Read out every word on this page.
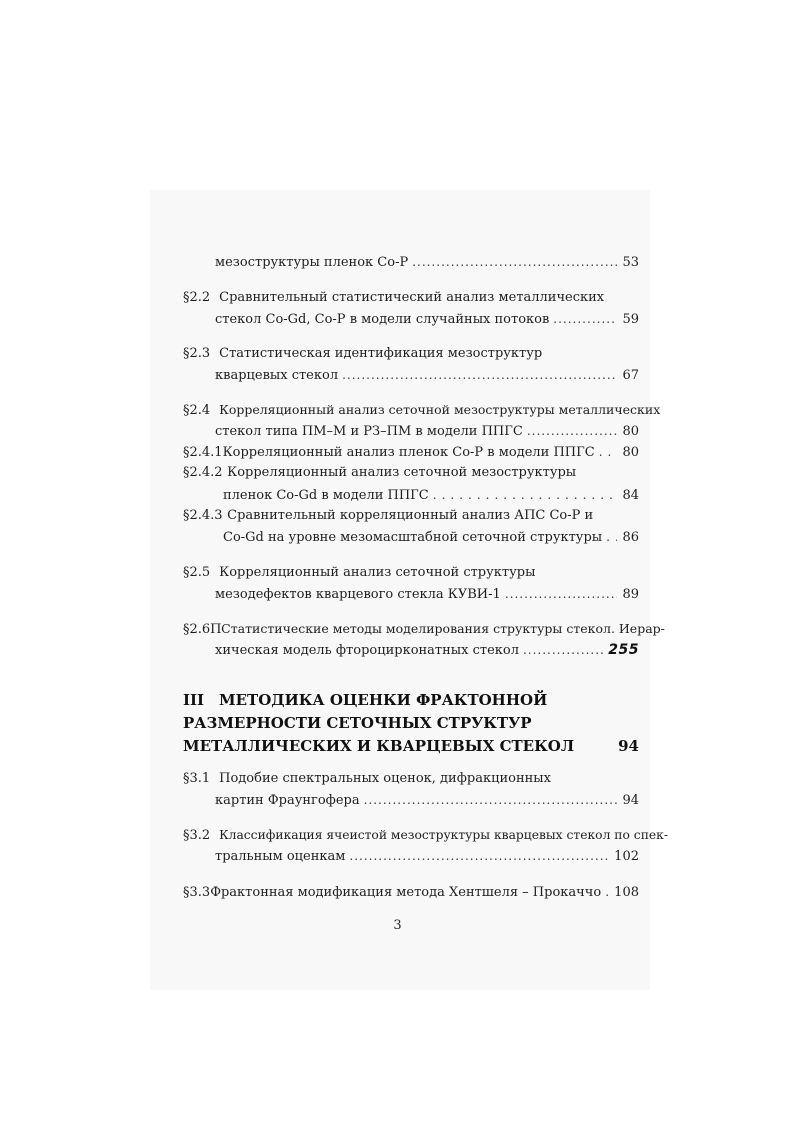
мезоструктуры пленок Co-P .....	53
§2.2 Сравнительный статистический анализ металлических
стекол Co-Gd, Co-P в модели случайных потоков .....	59
§2.3 Статистическая идентификация мезоструктур
кварцевых стекол .....	67
§2.4 Корреляционный анализ сеточной мезоструктуры металлических
стекол типа ПМ–М и РЗ–ПМ в модели ППГС .....	80
§2.4.1 Корреляционный анализ пленок Co-P в модели ППГС ..... 80
§2.4.2 Корреляционный анализ сеточной мезоструктуры
пленок Co-Gd в модели ППГС .....	84
§2.4.3 Сравнительный корреляционный анализ АПС Co-P и
Co-Gd на уровне мезомасштабной сеточной структуры ..... 86
§2.5 Корреляционный анализ сеточной структуры
мезодефектов кварцевого стекла КУВИ-1 .....	89
§2.6П Статистические методы моделирования структуры стекол. Иерар-
хическая модель фтороцирконатных стекол .....	255
III МЕТОДИКА ОЦЕНКИ ФРАКТОННОЙ
РАЗМЕРНОСТИ СЕТОЧНЫХ СТРУКТУР
МЕТАЛЛИЧЕСКИХ И КВАРЦЕВЫХ СТЕКОЛ	94
§3.1 Подобие спектральных оценок, дифракционных
картин Фраунгофера .....	94
§3.2 Классификация ячеистой мезоструктуры кварцевых стекол по спек-
тральным оценкам .....	102
§3.3 Фрактонная модификация метода Хентшеля – Прокаччо ..... 108
3
